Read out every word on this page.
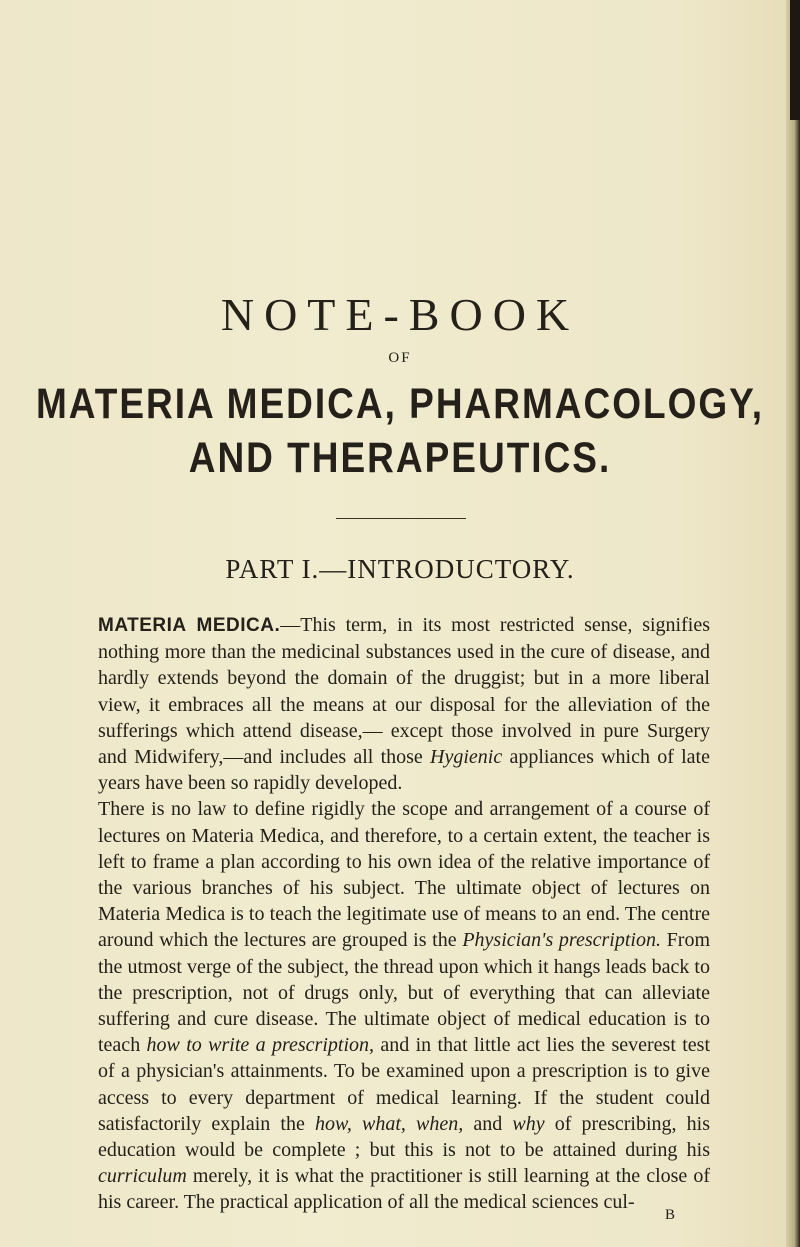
NOTE-BOOK
OF
MATERIA MEDICA, PHARMACOLOGY,
AND THERAPEUTICS.
PART I.—INTRODUCTORY.

MATERIA MEDICA.—This term, in its most restricted sense, signifies nothing more than the medicinal substances used in the cure of disease, and hardly extends beyond the domain of the druggist; but in a more liberal view, it embraces all the means at our disposal for the alleviation of the sufferings which attend disease,— except those involved in pure Surgery and Midwifery,—and includes all those Hygienic appliances which of late years have been so rapidly developed.

There is no law to define rigidly the scope and arrangement of a course of lectures on Materia Medica, and therefore, to a certain extent, the teacher is left to frame a plan according to his own idea of the relative importance of the various branches of his subject. The ultimate object of lectures on Materia Medica is to teach the legitimate use of means to an end. The centre around which the lectures are grouped is the Physician's prescription. From the utmost verge of the subject, the thread upon which it hangs leads back to the prescription, not of drugs only, but of everything that can alleviate suffering and cure disease. The ultimate object of medical education is to teach how to write a prescription, and in that little act lies the severest test of a physician's attainments. To be examined upon a prescription is to give access to every department of medical learning. If the student could satisfactorily explain the how, what, when, and why of prescribing, his education would be complete ; but this is not to be attained during his curriculum merely, it is what the practitioner is still learning at the close of his career. The practical application of all the medical sciences cul-

B
